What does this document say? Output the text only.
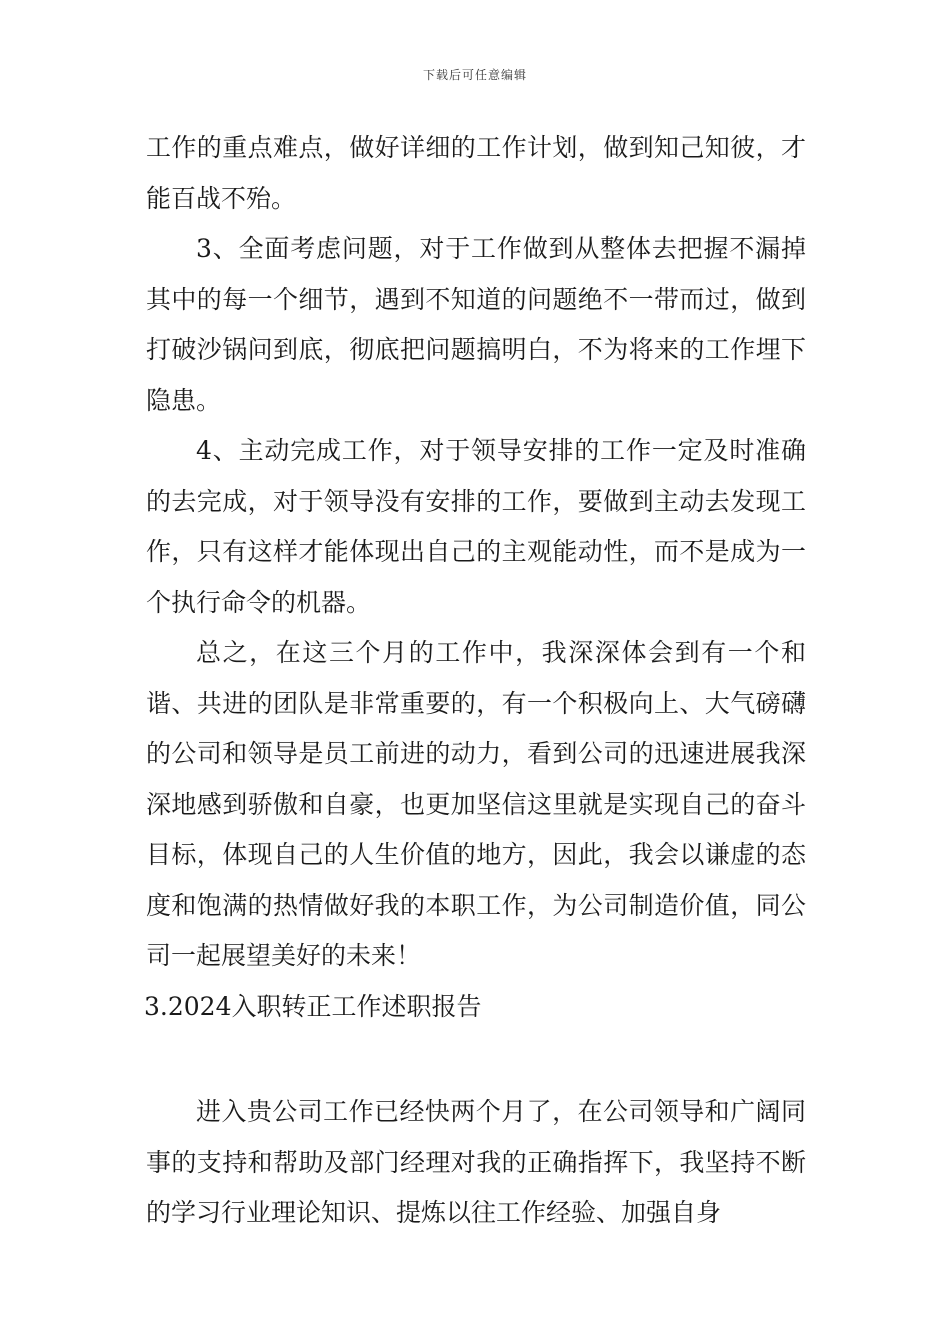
下载后可任意编辑

工作的重点难点，做好详细的工作计划，做到知己知彼，才能百战不殆。

3、全面考虑问题，对于工作做到从整体去把握不漏掉其中的每一个细节，遇到不知道的问题绝不一带而过，做到打破沙锅问到底，彻底把问题搞明白，不为将来的工作埋下隐患。

4、主动完成工作，对于领导安排的工作一定及时准确的去完成，对于领导没有安排的工作，要做到主动去发现工作，只有这样才能体现出自己的主观能动性，而不是成为一个执行命令的机器。

总之，在这三个月的工作中，我深深体会到有一个和谐、共进的团队是非常重要的，有一个积极向上、大气磅礴的公司和领导是员工前进的动力，看到公司的迅速进展我深深地感到骄傲和自豪，也更加坚信这里就是实现自己的奋斗目标，体现自己的人生价值的地方，因此，我会以谦虚的态度和饱满的热情做好我的本职工作，为公司制造价值，同公司一起展望美好的未来！

3.2024入职转正工作述职报告

进入贵公司工作已经快两个月了，在公司领导和广阔同事的支持和帮助及部门经理对我的正确指挥下，我坚持不断的学习行业理论知识、提炼以往工作经验、加强自身
